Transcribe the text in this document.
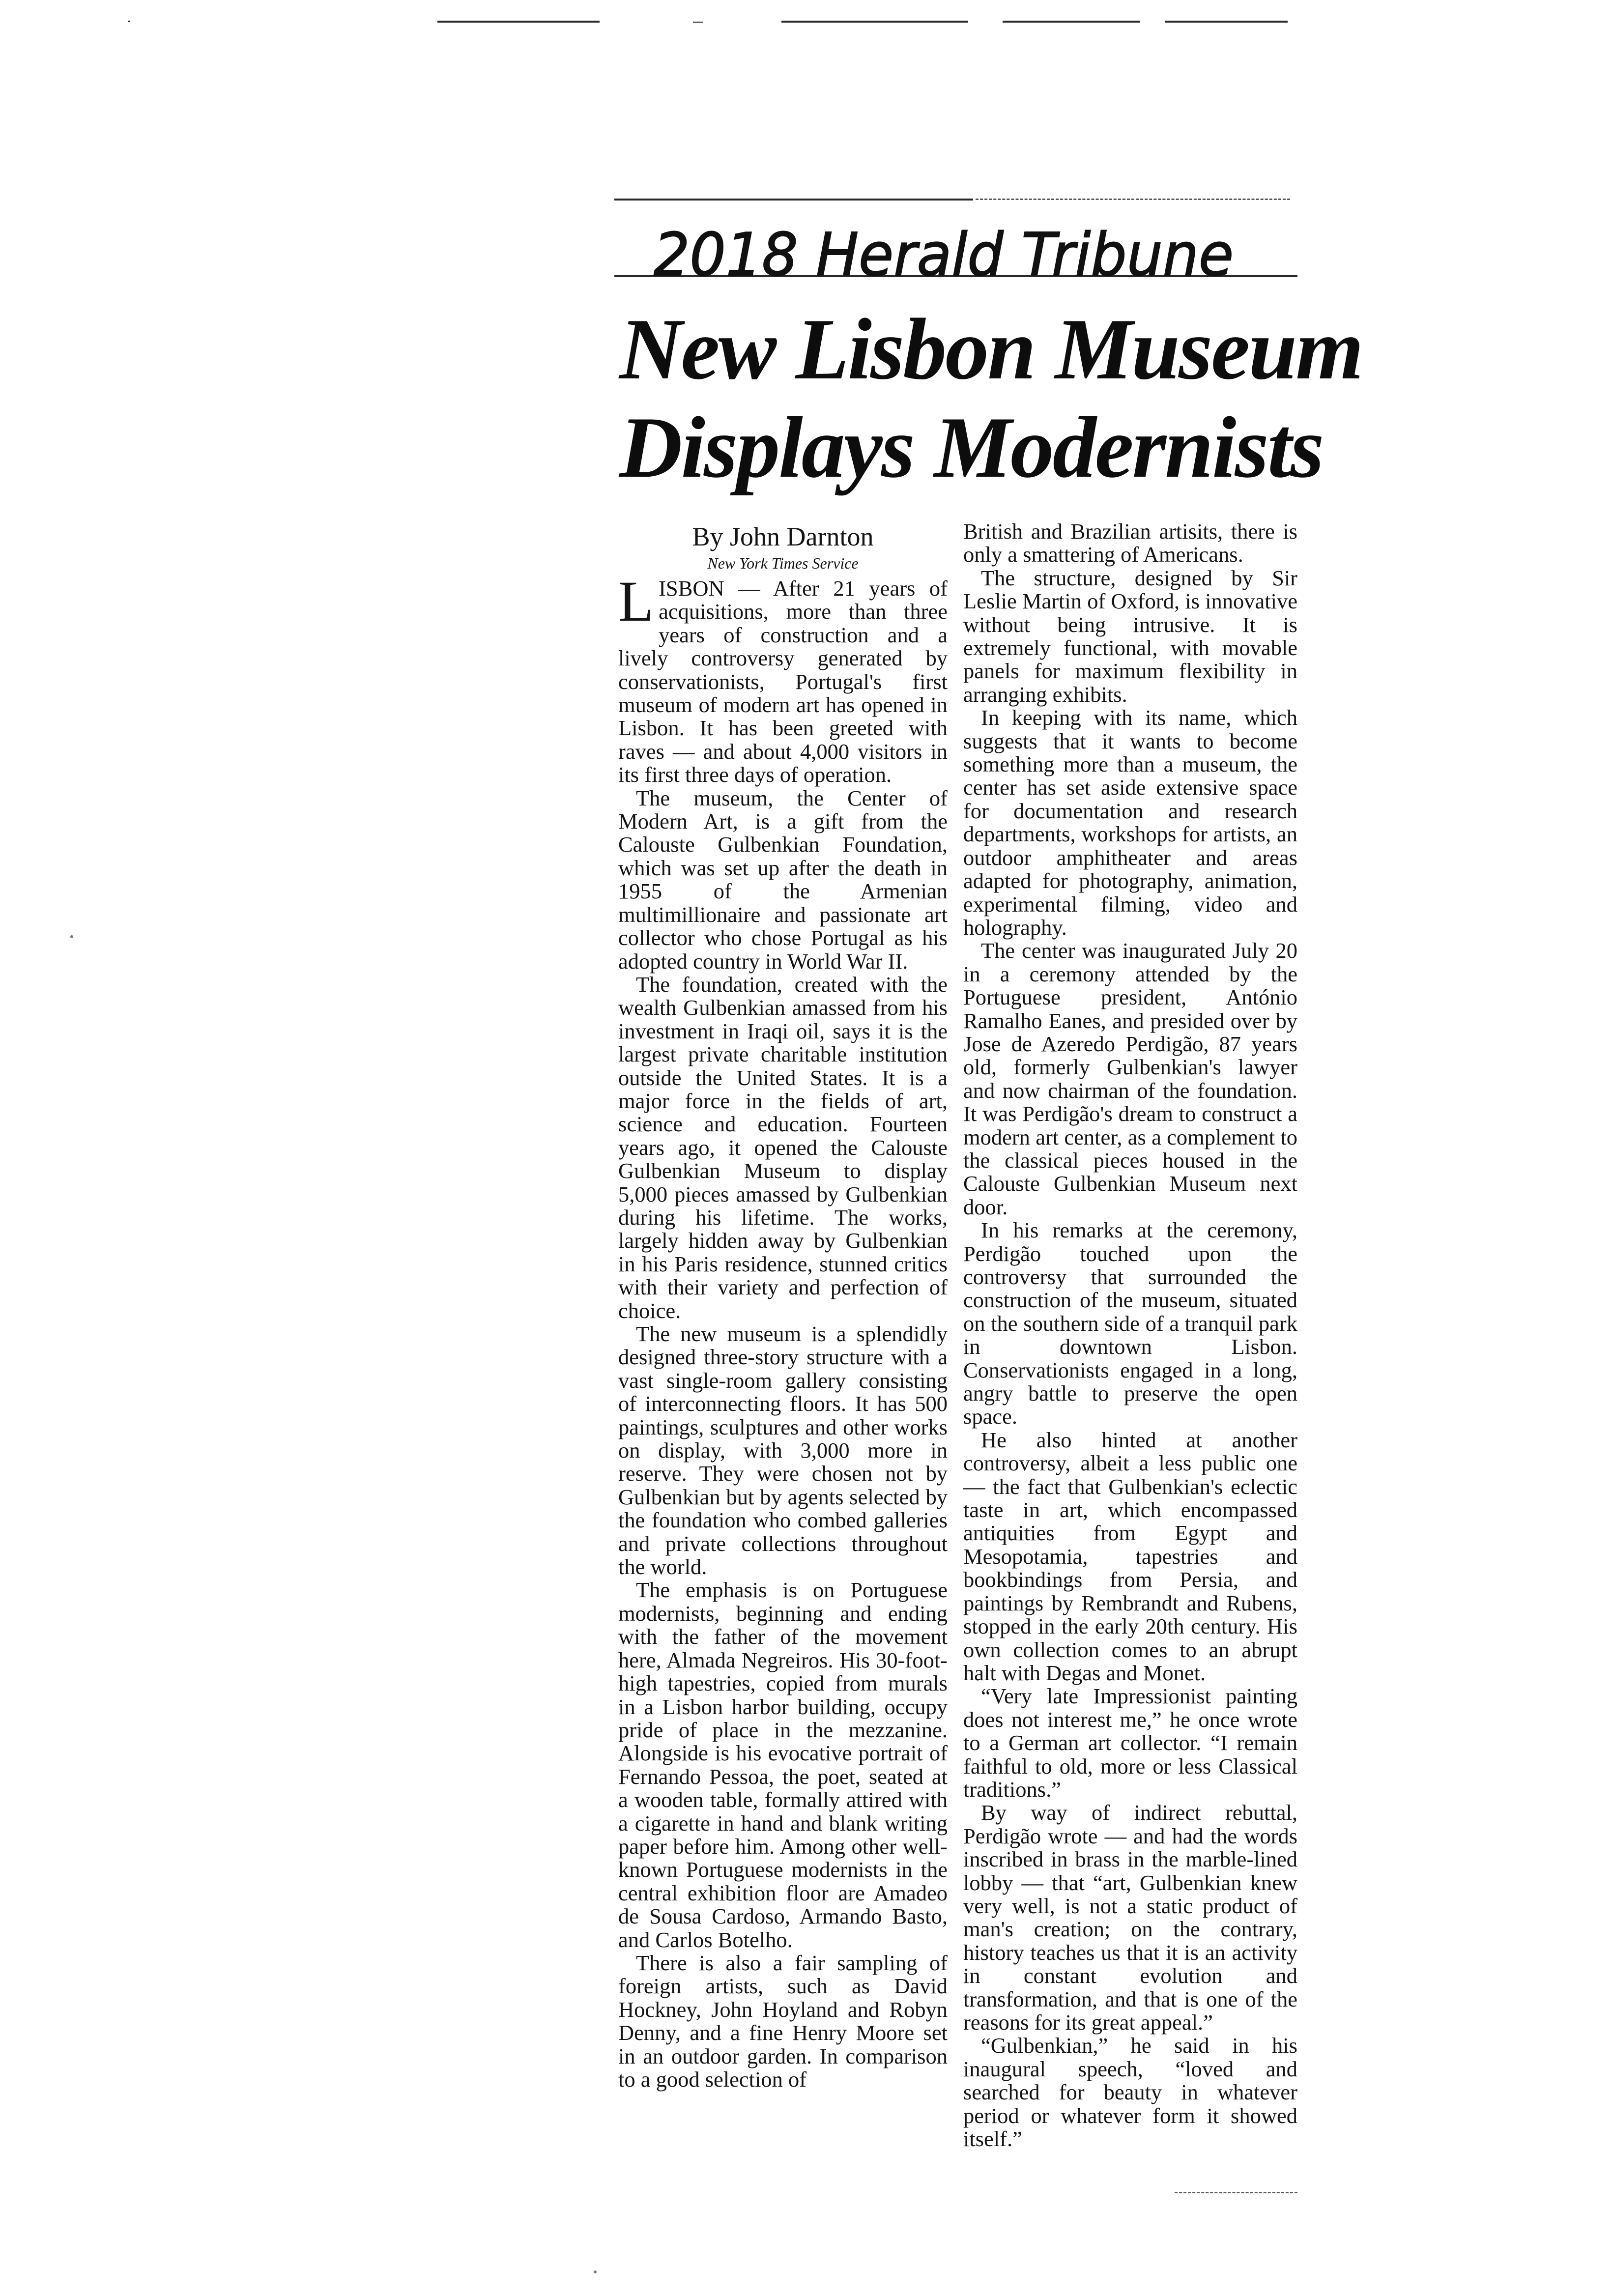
2018 Herald Tribune
New Lisbon Museum
Displays Modernists
By John Darnton
New York Times Service

LISBON — After 21 years of acquisitions, more than three years of construction and a lively controversy generated by conservationists, Portugal's first museum of modern art has opened in Lisbon. It has been greeted with raves — and about 4,000 visitors in its first three days of operation.

The museum, the Center of Modern Art, is a gift from the Calouste Gulbenkian Foundation, which was set up after the death in 1955 of the Armenian multimillionaire and passionate art collector who chose Portugal as his adopted country in World War II.

The foundation, created with the wealth Gulbenkian amassed from his investment in Iraqi oil, says it is the largest private charitable institution outside the United States. It is a major force in the fields of art, science and education. Fourteen years ago, it opened the Calouste Gulbenkian Museum to display 5,000 pieces amassed by Gulbenkian during his lifetime. The works, largely hidden away by Gulbenkian in his Paris residence, stunned critics with their variety and perfection of choice.

The new museum is a splendidly designed three-story structure with a vast single-room gallery consisting of interconnecting floors. It has 500 paintings, sculptures and other works on display, with 3,000 more in reserve. They were chosen not by Gulbenkian but by agents selected by the foundation who combed galleries and private collections throughout the world.

The emphasis is on Portuguese modernists, beginning and ending with the father of the movement here, Almada Negreiros. His 30-foot-high tapestries, copied from murals in a Lisbon harbor building, occupy pride of place in the mezzanine. Alongside is his evocative portrait of Fernando Pessoa, the poet, seated at a wooden table, formally attired with a cigarette in hand and blank writing paper before him. Among other well-known Portuguese modernists in the central exhibition floor are Amadeo de Sousa Cardoso, Armando Basto, and Carlos Botelho.

There is also a fair sampling of foreign artists, such as David Hockney, John Hoyland and Robyn Denny, and a fine Henry Moore set in an outdoor garden. In comparison to a good selection of

British and Brazilian artisits, there is only a smattering of Americans.

The structure, designed by Sir Leslie Martin of Oxford, is innovative without being intrusive. It is extremely functional, with movable panels for maximum flexibility in arranging exhibits.

In keeping with its name, which suggests that it wants to become something more than a museum, the center has set aside extensive space for documentation and research departments, workshops for artists, an outdoor amphitheater and areas adapted for photography, animation, experimental filming, video and holography.

The center was inaugurated July 20 in a ceremony attended by the Portuguese president, António Ramalho Eanes, and presided over by Jose de Azeredo Perdigão, 87 years old, formerly Gulbenkian's lawyer and now chairman of the foundation. It was Perdigão's dream to construct a modern art center, as a complement to the classical pieces housed in the Calouste Gulbenkian Museum next door.

In his remarks at the ceremony, Perdigão touched upon the controversy that surrounded the construction of the museum, situated on the southern side of a tranquil park in downtown Lisbon. Conservationists engaged in a long, angry battle to preserve the open space.

He also hinted at another controversy, albeit a less public one — the fact that Gulbenkian's eclectic taste in art, which encompassed antiquities from Egypt and Mesopotamia, tapestries and bookbindings from Persia, and paintings by Rembrandt and Rubens, stopped in the early 20th century. His own collection comes to an abrupt halt with Degas and Monet.

“Very late Impressionist painting does not interest me,” he once wrote to a German art collector. “I remain faithful to old, more or less Classical traditions.”

By way of indirect rebuttal, Perdigão wrote — and had the words inscribed in brass in the marble-lined lobby — that “art, Gulbenkian knew very well, is not a static product of man's creation; on the contrary, history teaches us that it is an activity in constant evolution and transformation, and that is one of the reasons for its great appeal.”

“Gulbenkian,” he said in his inaugural speech, “loved and searched for beauty in whatever period or whatever form it showed itself.”
